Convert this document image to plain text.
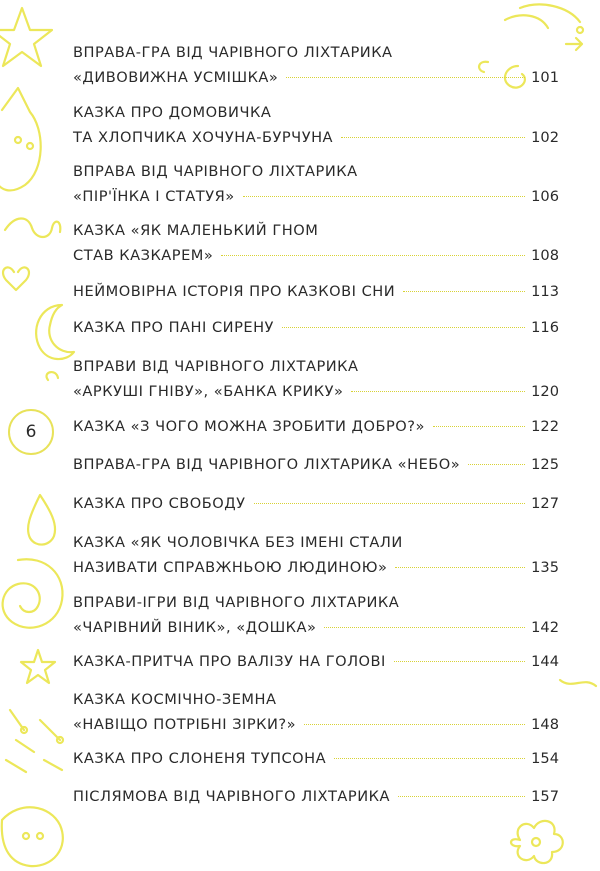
6
ВПРАВА-ГРА ВІД ЧАРІВНОГО ЛІХТАРИКА
«ДИВОВИЖНА УСМІШКА»	101
КАЗКА ПРО ДОМОВИЧКА
ТА ХЛОПЧИКА ХОЧУНА-БУРЧУНА	102
ВПРАВА ВІД ЧАРІВНОГО ЛІХТАРИКА
«ПІР'ЇНКА І СТАТУЯ»	106
КАЗКА «ЯК МАЛЕНЬКИЙ ГНОМ
СТАВ КАЗКАРЕМ»	108
НЕЙМОВІРНА ІСТОРІЯ ПРО КАЗКОВІ СНИ	113
КАЗКА ПРО ПАНІ СИРЕНУ	116
ВПРАВИ ВІД ЧАРІВНОГО ЛІХТАРИКА
«АРКУШІ ГНІВУ», «БАНКА КРИКУ»	120
КАЗКА «З ЧОГО МОЖНА ЗРОБИТИ ДОБРО?»	122
ВПРАВА-ГРА ВІД ЧАРІВНОГО ЛІХТАРИКА «НЕБО»	125
КАЗКА ПРО СВОБОДУ	127
КАЗКА «ЯК ЧОЛОВІЧКА БЕЗ ІМЕНІ СТАЛИ
НАЗИВАТИ СПРАВЖНЬОЮ ЛЮДИНОЮ»	135
ВПРАВИ-ІГРИ ВІД ЧАРІВНОГО ЛІХТАРИКА
«ЧАРІВНИЙ ВІНИК», «ДОШКА»	142
КАЗКА-ПРИТЧА ПРО ВАЛІЗУ НА ГОЛОВІ	144
КАЗКА КОСМІЧНО-ЗЕМНА
«НАВІЩО ПОТРІБНІ ЗІРКИ?»	148
КАЗКА ПРО СЛОНЕНЯ ТУПСОНА	154
ПІСЛЯМОВА ВІД ЧАРІВНОГО ЛІХТАРИКА	157
